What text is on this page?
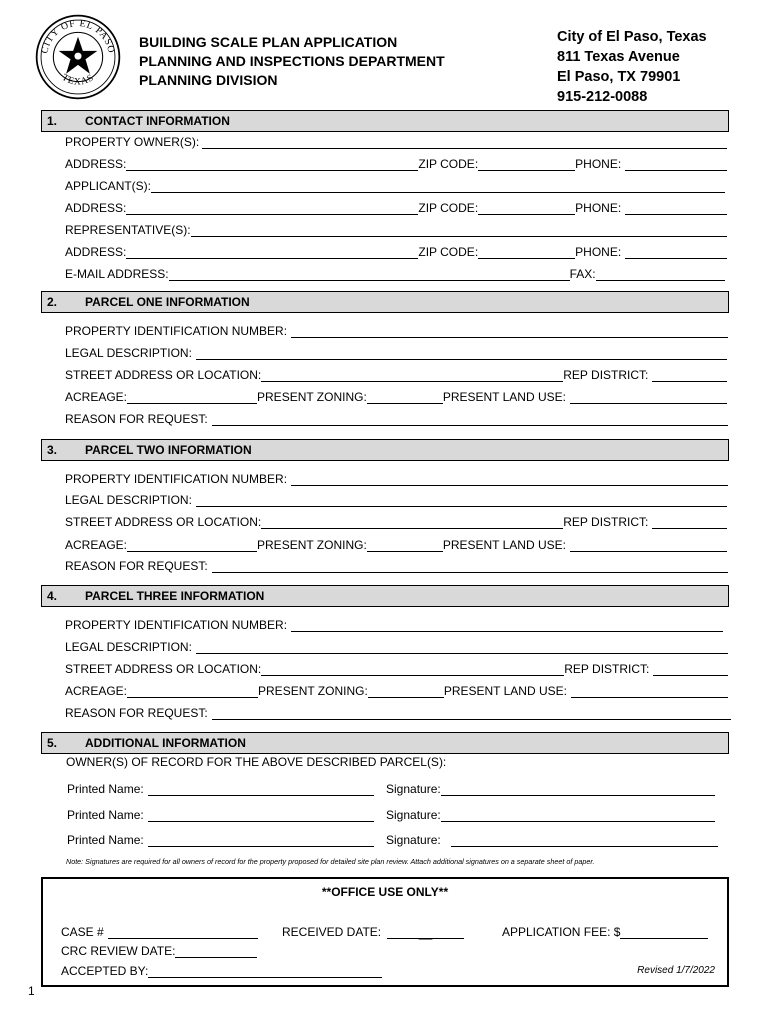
CITY OF EL PASO
TEXAS
BUILDING SCALE PLAN APPLICATION
PLANNING AND INSPECTIONS DEPARTMENT
PLANNING DIVISION
City of El Paso, Texas
811 Texas Avenue
El Paso, TX 79901
915-212-0088
1. CONTACT INFORMATION
PROPERTY OWNER(S):
ADDRESS:	ZIP CODE:	PHONE:
APPLICANT(S):
ADDRESS:	ZIP CODE:	PHONE:
REPRESENTATIVE(S):
ADDRESS:	ZIP CODE:	PHONE:
E-MAIL ADDRESS:	FAX:
2. PARCEL ONE INFORMATION
PROPERTY IDENTIFICATION NUMBER:
LEGAL DESCRIPTION:
STREET ADDRESS OR LOCATION:	REP DISTRICT:
ACREAGE:	PRESENT ZONING:	PRESENT LAND USE:
REASON FOR REQUEST:
3. PARCEL TWO INFORMATION
PROPERTY IDENTIFICATION NUMBER:
LEGAL DESCRIPTION:
STREET ADDRESS OR LOCATION:	REP DISTRICT:
ACREAGE:	PRESENT ZONING:	PRESENT LAND USE:
REASON FOR REQUEST:
4. PARCEL THREE INFORMATION
PROPERTY IDENTIFICATION NUMBER:
LEGAL DESCRIPTION:
STREET ADDRESS OR LOCATION:	REP DISTRICT:
ACREAGE:	PRESENT ZONING:	PRESENT LAND USE:
REASON FOR REQUEST:
5. ADDITIONAL INFORMATION
OWNER(S) OF RECORD FOR THE ABOVE DESCRIBED PARCEL(S):
Printed Name:	Signature:
Printed Name:	Signature:
Printed Name:	Signature:
Note: Signatures are required for all owners of record for the property proposed for detailed site plan review. Attach additional signatures on a separate sheet of paper.
**OFFICE USE ONLY**
CASE #	RECEIVED DATE:	__	APPLICATION FEE: $
CRC REVIEW DATE:
ACCEPTED BY:	Revised 1/7/2022
1
